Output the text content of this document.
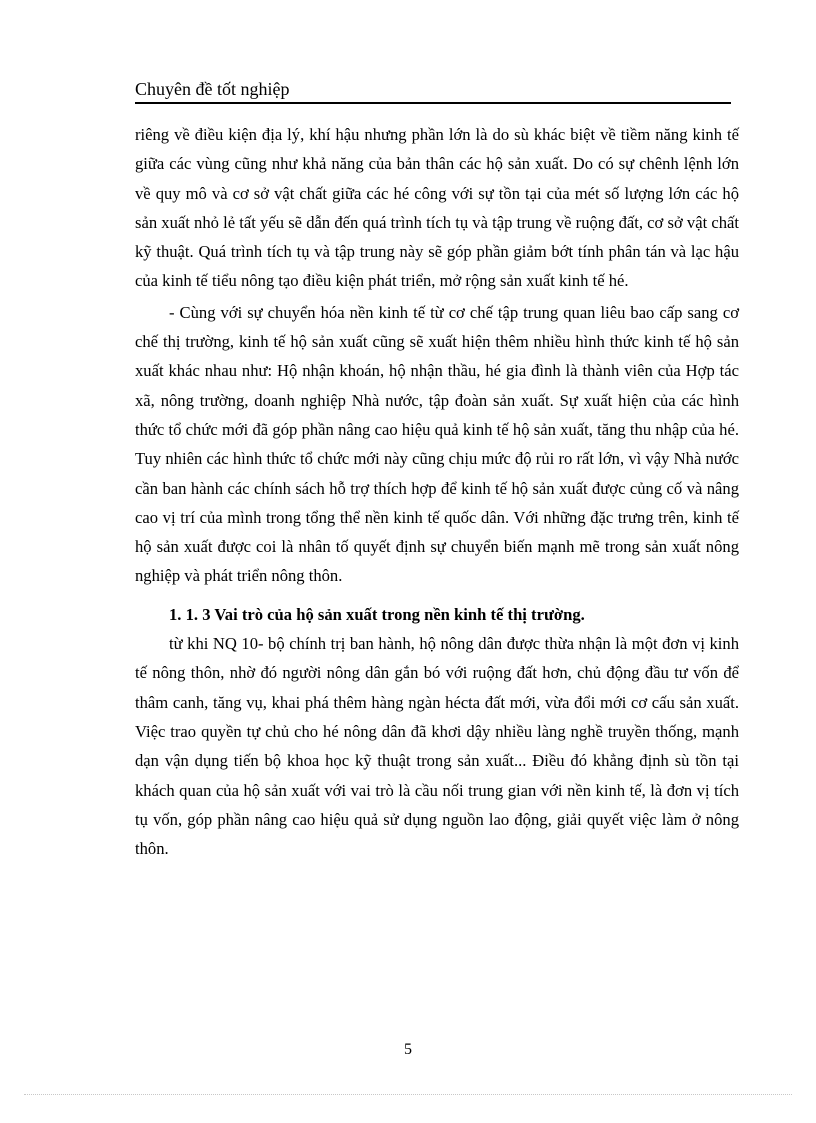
Chuyên đề tốt nghiệp

riêng về điều kiện địa lý, khí hậu nhưng phần lớn là do sù khác biệt về tiềm năng kinh tế giữa các vùng cũng như khả năng của bản thân các hộ sản xuất. Do có sự chênh lệnh lớn về quy mô và cơ sở vật chất giữa các hé công với sự tồn tại của mét số lượng lớn các hộ sản xuất nhỏ lẻ tất yếu sẽ dẫn đến quá trình tích tụ và tập trung về ruộng đất, cơ sở vật chất kỹ thuật. Quá trình tích tụ và tập trung này sẽ góp phần giảm bớt tính phân tán và lạc hậu của kinh tế tiểu nông tạo điều kiện phát triển, mở rộng sản xuất kinh tế hé.

- Cùng với sự chuyển hóa nền kinh tế từ cơ chế tập trung quan liêu bao cấp sang cơ chế thị trường, kinh tế hộ sản xuất cũng sẽ xuất hiện thêm nhiều hình thức kinh tế hộ sản xuất khác nhau như: Hộ nhận khoán, hộ nhận thầu, hé gia đình là thành viên của Hợp tác xã, nông trường, doanh nghiệp Nhà nước, tập đoàn sản xuất. Sự xuất hiện của các hình thức tổ chức mới đã góp phần nâng cao hiệu quả kinh tế hộ sản xuất, tăng thu nhập của hé. Tuy nhiên các hình thức tổ chức mới này cũng chịu mức độ rủi ro rất lớn, vì vậy Nhà nước cần ban hành các chính sách hỗ trợ thích hợp để kinh tế hộ sản xuất được củng cố và nâng cao vị trí của mình trong tổng thể nền kinh tế quốc dân. Với những đặc trưng trên, kinh tế hộ sản xuất được coi là nhân tố quyết định sự chuyển biến mạnh mẽ trong sản xuất nông nghiệp và phát triển nông thôn.

1. 1. 3 Vai trò của hộ sản xuất trong nền kinh tế thị trường.

từ khi NQ 10- bộ chính trị ban hành, hộ nông dân được thừa nhận là một đơn vị kinh tế nông thôn, nhờ đó người nông dân gắn bó với ruộng đất hơn, chủ động đầu tư vốn để thâm canh, tăng vụ, khai phá thêm hàng ngàn hécta đất mới, vừa đổi mới cơ cấu sản xuất. Việc trao quyền tự chủ cho hé nông dân đã khơi dậy nhiều làng nghề truyền thống, mạnh dạn vận dụng tiến bộ khoa học kỹ thuật trong sản xuất... Điều đó khẳng định sù tồn tại khách quan của hộ sản xuất với vai trò là cầu nối trung gian với nền kinh tế, là đơn vị tích tụ vốn, góp phần nâng cao hiệu quả sử dụng nguồn lao động, giải quyết việc làm ở nông thôn.

5
